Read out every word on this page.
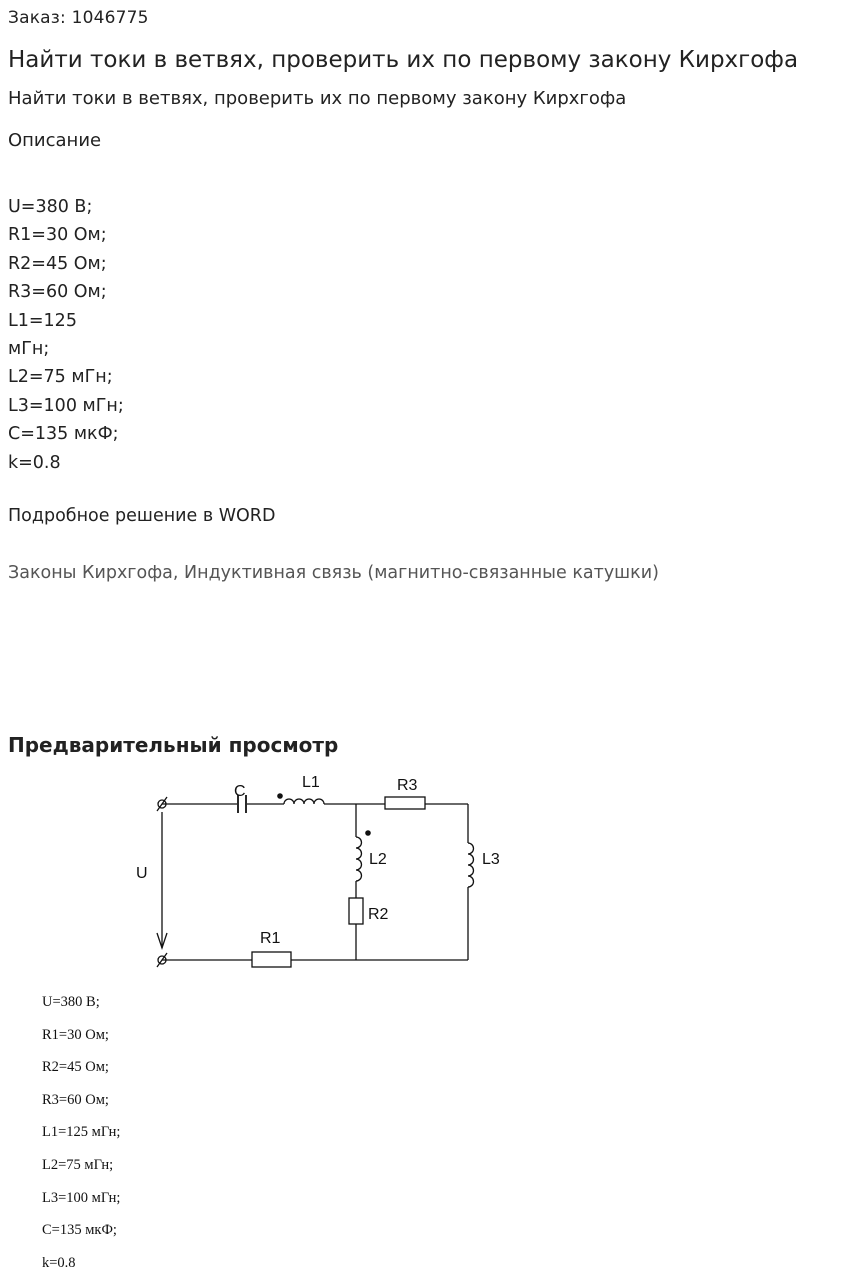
Заказ: 1046775
Найти токи в ветвях, проверить их по первому закону Кирхгофа
Найти токи в ветвях, проверить их по первому закону Кирхгофа
Описание
U=380 В;
R1=30 Ом;
R2=45 Ом;
R3=60 Ом;
L1=125
мГн;
L2=75 мГн;
L3=100 мГн;
C=135 мкФ;
k=0.8
Подробное решение в WORD
Законы Кирхгофа, Индуктивная связь (магнитно-связанные катушки)
Предварительный просмотр
C
L1	R3
L2	L3
R2
R1
U
U=380 В;
R1=30 Ом;
R2=45 Ом;
R3=60 Ом;
L1=125 мГн;
L2=75 мГн;
L3=100 мГн;
C=135 мкФ;
k=0.8
